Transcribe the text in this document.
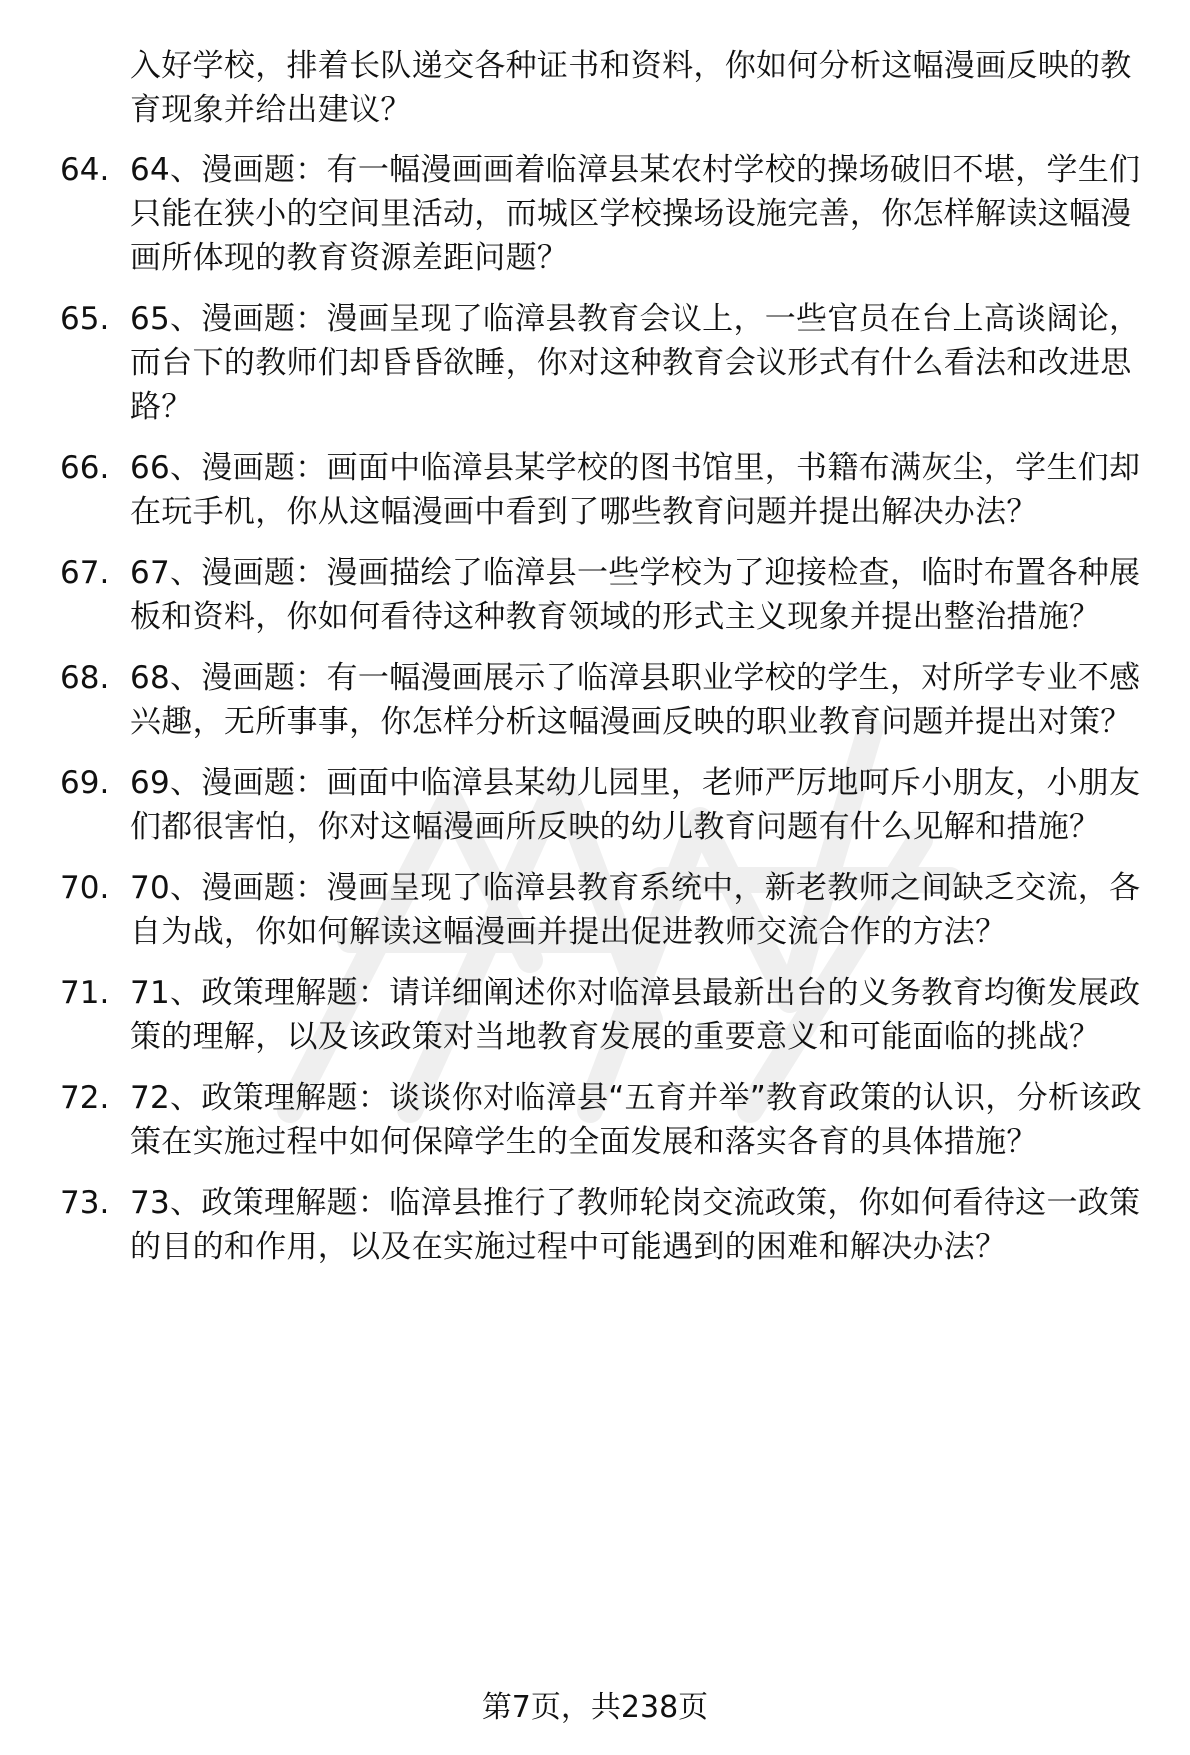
入好学校，排着长队递交各种证书和资料，你如何分析这幅漫画反映的教育现象并给出建议？
64. 64、漫画题：有一幅漫画画着临漳县某农村学校的操场破旧不堪，学生们只能在狭小的空间里活动，而城区学校操场设施完善，你怎样解读这幅漫画所体现的教育资源差距问题？
65. 65、漫画题：漫画呈现了临漳县教育会议上，一些官员在台上高谈阔论，而台下的教师们却昏昏欲睡，你对这种教育会议形式有什么看法和改进思路？
66. 66、漫画题：画面中临漳县某学校的图书馆里，书籍布满灰尘，学生们却在玩手机，你从这幅漫画中看到了哪些教育问题并提出解决办法？
67. 67、漫画题：漫画描绘了临漳县一些学校为了迎接检查，临时布置各种展板和资料，你如何看待这种教育领域的形式主义现象并提出整治措施？
68. 68、漫画题：有一幅漫画展示了临漳县职业学校的学生，对所学专业不感兴趣，无所事事，你怎样分析这幅漫画反映的职业教育问题并提出对策？
69. 69、漫画题：画面中临漳县某幼儿园里，老师严厉地呵斥小朋友，小朋友们都很害怕，你对这幅漫画所反映的幼儿教育问题有什么见解和措施？
70. 70、漫画题：漫画呈现了临漳县教育系统中，新老教师之间缺乏交流，各自为战，你如何解读这幅漫画并提出促进教师交流合作的方法？
71. 71、政策理解题：请详细阐述你对临漳县最新出台的义务教育均衡发展政策的理解，以及该政策对当地教育发展的重要意义和可能面临的挑战？
72. 72、政策理解题：谈谈你对临漳县“五育并举”教育政策的认识，分析该政策在实施过程中如何保障学生的全面发展和落实各育的具体措施？
73. 73、政策理解题：临漳县推行了教师轮岗交流政策，你如何看待这一政策的目的和作用，以及在实施过程中可能遇到的困难和解决办法？
第7页，共238页
